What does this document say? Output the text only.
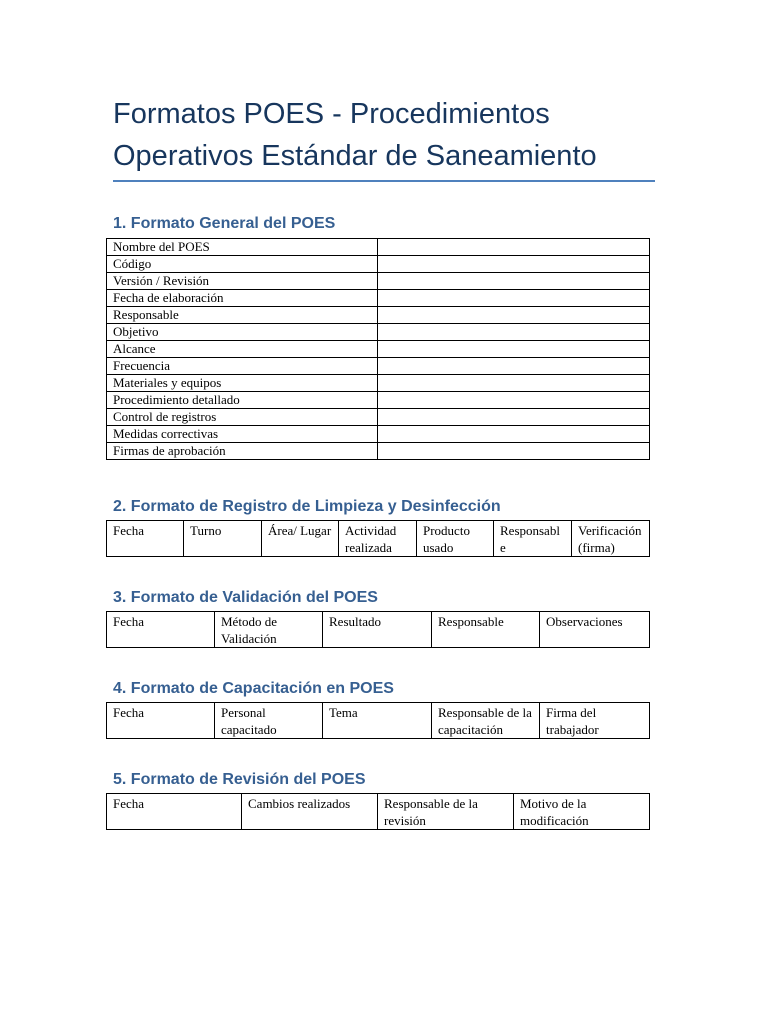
Formatos POES - Procedimientos Operativos Estándar de Saneamiento
1. Formato General del POES
Nombre del POES	
Código	
Versión / Revisión	
Fecha de elaboración	
Responsable	
Objetivo	
Alcance	
Frecuencia	
Materiales y equipos	
Procedimiento detallado	
Control de registros	
Medidas correctivas	
Firmas de aprobación	
2. Formato de Registro de Limpieza y Desinfección
Fecha	Turno	Área/ Lugar	Actividad realizada	Producto usado	Responsable	Verificación (firma)
3. Formato de Validación del POES
Fecha	Método de Validación	Resultado	Responsable	Observaciones
4. Formato de Capacitación en POES
Fecha	Personal capacitado	Tema	Responsable de la capacitación	Firma del trabajador
5. Formato de Revisión del POES
Fecha	Cambios realizados	Responsable de la revisión	Motivo de la modificación
